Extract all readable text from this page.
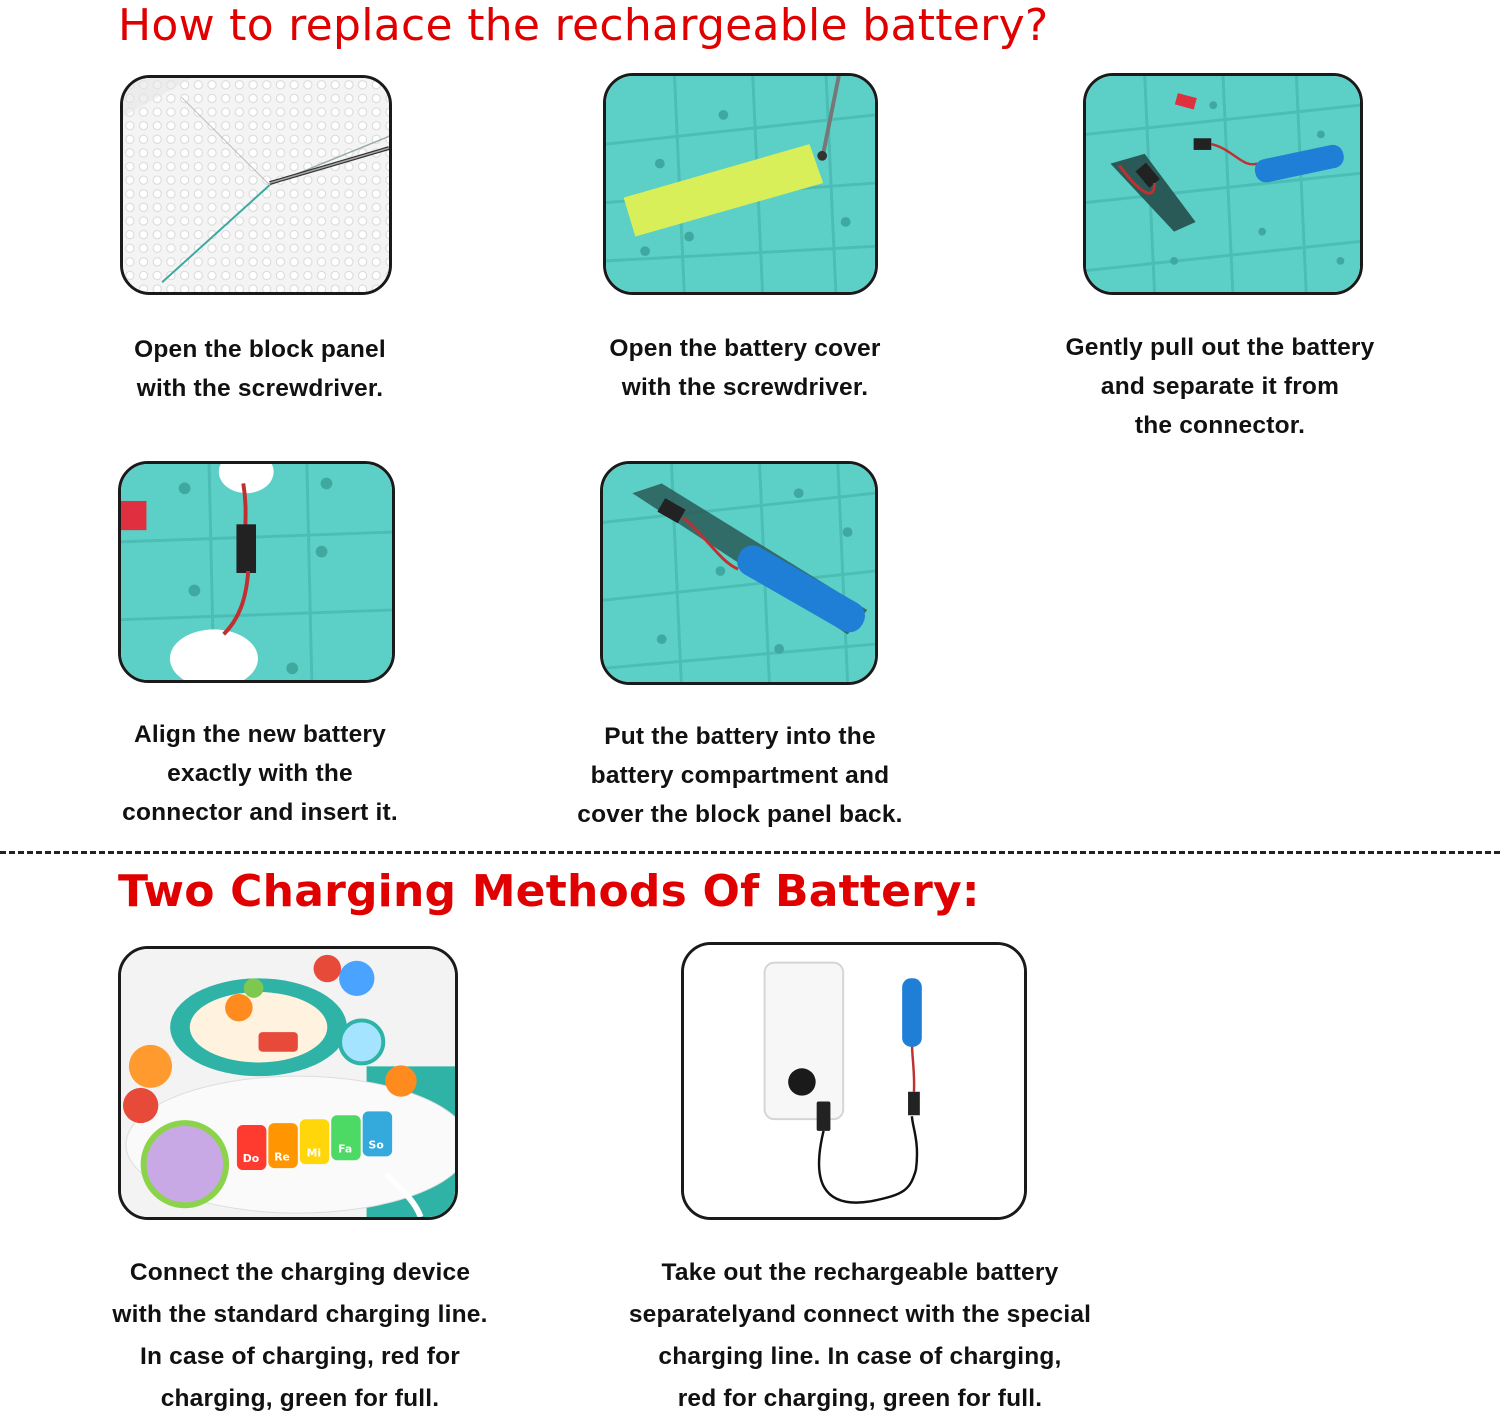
How to replace the rechargeable battery?
Open the block panel
with the screwdriver.
Open the battery cover
with the screwdriver.
Gently pull out the battery
and separate it from
the connector.
Align the new battery
exactly with the
connector and insert it.
Put the battery into the
battery compartment and
cover the block panel back.
Two Charging Methods Of Battery:
Do Re Mi Fa So
Connect the charging device
with the standard charging line.
In case of charging, red for
charging, green for full.
Take out the rechargeable battery
separatelyand connect with the special
charging line. In case of charging,
red for charging, green for full.
